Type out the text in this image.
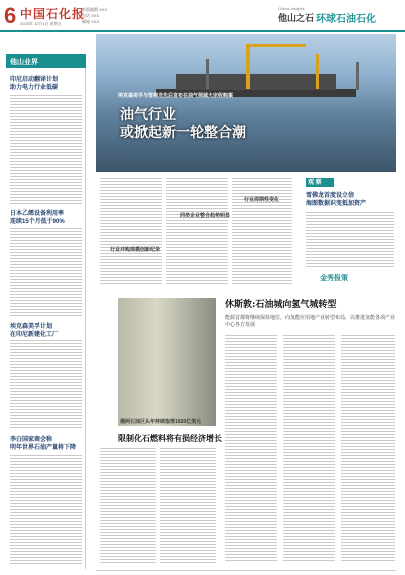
6 中国石化报
2023年 12月1日 星期五
本版编辑 XXX
电话 XXX
邮箱 XXX
Global Insights
他山之石 环球石油石化
他山业界
印尼启动翻译计划
助力电力行业低碳
日本乙烯设备利用率
连续15个月低于90%
埃克森美孚计划
在印尼新建化工厂
李白国家商会称
明年世界石油产量将下降
埃克森美孚与雪佛龙先后宣布在油气领域大宗收购案
油气行业
或掀起新一轮整合潮
行业并购规模创新纪录
同类企业整合趋势明显
行业周期性变化
观 察
雪佛龙首度设立信
海图数据识变抵加资产
金秀报策
俄两石油巨头年持续取得1920亿美元
休斯敦:石油城向氢气城转型
能源首都将继续保持地位，向氢能应用地产业转型布局，以推进氢能各项产业中心各方发展
限制化石燃料将有损经济增长
